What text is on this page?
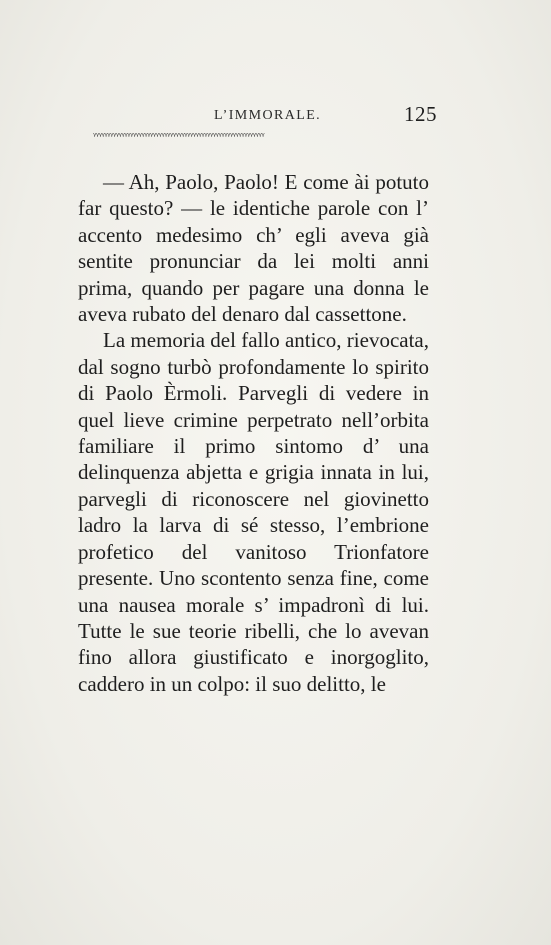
L’IMMORALE.	125
ᵞᵞᵞᵞᵞᵞᵞᵞᵞᵞᵞᵞᵞᵞᵞᵞᵞᵞᵞᵞᵞᵞᵞᵞᵞᵞᵞᵞᵞᵞᵞᵞᵞᵞᵞᵞᵞᵞᵞᵞᵞᵞᵞᵞᵞᵞᵞᵞᵞᵞᵞᵞᵞᵞᵞᵞᵞᵞᵞᵞ

— Ah, Paolo, Paolo! E come ài potuto far questo? — le identiche parole con l’ accento medesimo ch’ egli aveva già sentite pronunciar da lei molti anni prima, quando per pagare una donna le aveva rubato del denaro dal cassettone.

La memoria del fallo antico, rievocata, dal sogno turbò profondamente lo spirito di Paolo Èrmoli. Parvegli di vedere in quel lieve crimine perpetrato nell’orbita familiare il primo sintomo d’ una delinquenza abjetta e grigia innata in lui, parvegli di riconoscere nel giovinetto ladro la larva di sé stesso, l’embrione profetico del vanitoso Trionfatore presente. Uno scontento senza fine, come una nausea morale s’ impadronì di lui. Tutte le sue teorie ribelli, che lo avevan fino allora giustificato e inorgoglito, caddero in un colpo: il suo delitto, le
